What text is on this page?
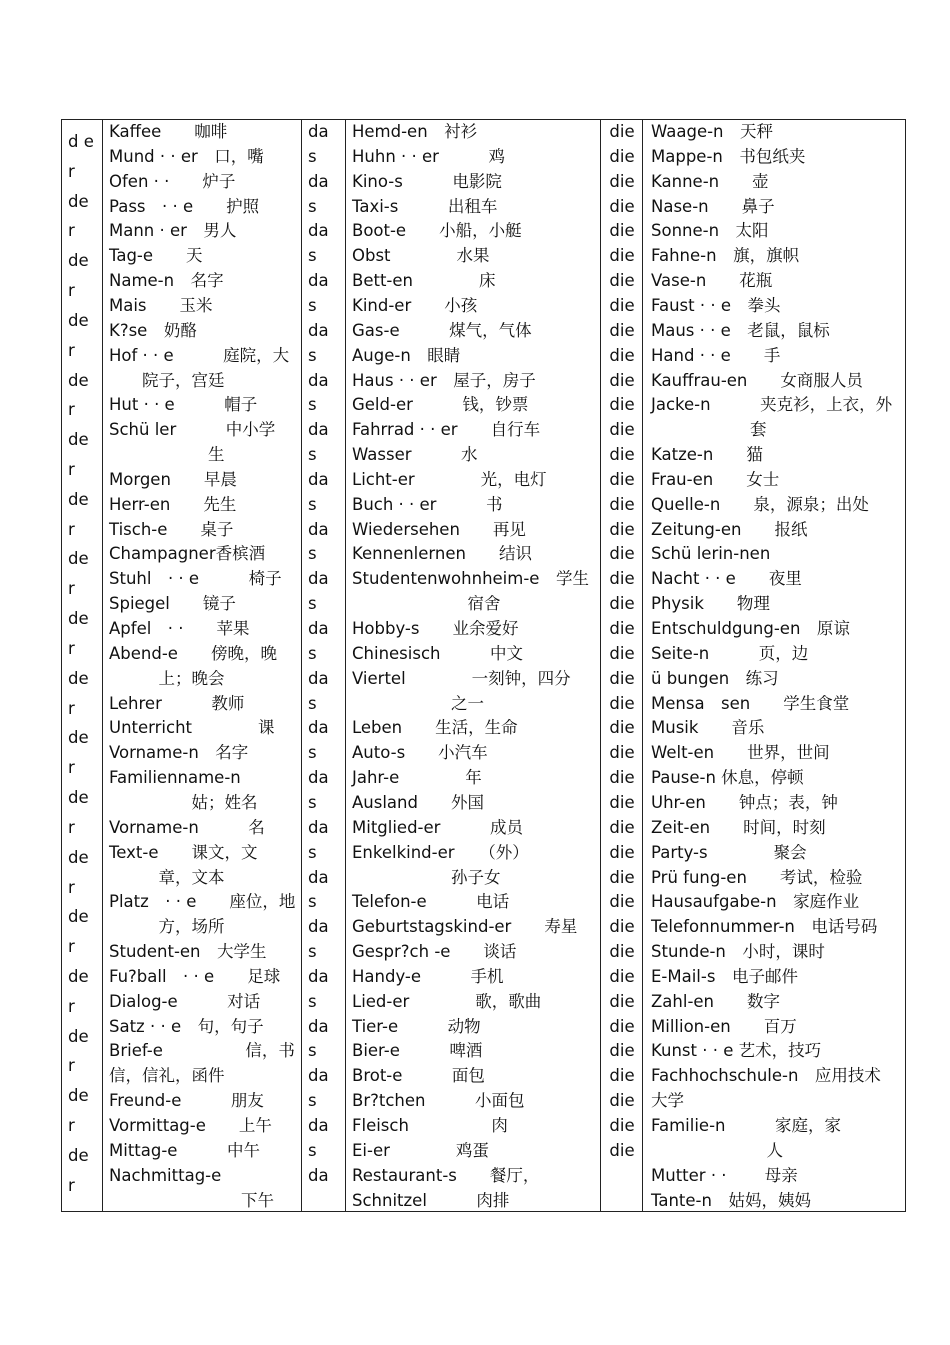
Kaffee　　咖啡
Mund · · er　口，嘴
Ofen · ·　　炉子
Pass　· · e　　护照
Mann · er　男人
Tag-e　　天
Name-n　名字
Mais　　玉米
K?se　奶酪
Hof · · e　　　庭院，大
　　院子，宫廷
Hut · · e　　　帽子
Schü ler　　　中小学
　　　　　　生
Morgen　　早晨
Herr-en　　先生
Tisch-e　　桌子
Champagner香槟酒
Stuhl　· · e　　　椅子
Spiegel　　镜子
Apfel　· ·　　苹果
Abend-e　　傍晚，晚
　　　上；晚会
Lehrer　　　教师
Unterricht　　　　课
Vorname-n　名字
Familienname-n
　　　　　姑；姓名
Vorname-n　　　名
Text-e　　课文，文
　　　章，文本
Platz　· · e　　座位，地
　　　方，场所
Student-en　大学生
Fu?ball　· · e　　足球
Dialog-e　　　对话
Satz · · e　句，句子
Brief-e　　　　　信，书
信，信礼，函件
Freund-e　　　朋友
Vormittag-e　　上午
Mittag-e　　　中午
Nachmittag-e
　　　　　　　　下午
d e
r
de
r
de
r
de
r
de
r
de
r
de
r
de
r
de
r
de
r
de
r
de
r
de
r
de
r
de
r
de
r
de
r
de
r
Hemd-en　衬衫
Huhn · · er　　　鸡
Kino-s　　　电影院
Taxi-s　　　出租车
Boot-e　　小船，小艇
Obst　　　　水果
Bett-en　　　　床
Kind-er　　小孩
Gas-e　　　煤气，气体
Auge-n　眼睛
Haus · · er　屋子，房子
Geld-er　　　钱，钞票
Fahrrad · · er　　自行车
Wasser　　　水
Licht-er　　　　光，电灯
Buch · · er　　　书
Wiedersehen　　再见
Kennenlernen　　结识
Studentenwohnheim-e　学生
　　　　　　　宿舍
Hobby-s　　业余爱好
Chinesisch　　　中文
Viertel　　　　一刻钟，四分
　　　　　　之一
Leben　　生活，生命
Auto-s　　小汽车
Jahr-e　　　　年
Ausland　　外国
Mitglied-er　　　成员
Enkelkind-er　　（外）
　　　　　　孙子女
Telefon-e　　　电话
Geburtstagskind-er　　寿星
Gespr?ch -e　　谈话
Handy-e　　　手机
Lied-er　　　　歌，歌曲
Tier-e　　　动物
Bier-e　　　啤酒
Brot-e　　　面包
Br?tchen　　　小面包
Fleisch　　　　　肉
Ei-er　　　　鸡蛋
Restaurant-s　　餐厅，
Schnitzel　　　肉排
da
s
da
s
da
s
da
s
da
s
da
s
da
s
da
s
da
s
da
s
da
s
da
s
da
s
da
s
da
s
da
s
da
s
da
s
da
s
da
s
da
s
da
Waage-n　天秤
Mappe-n　书包纸夹
Kanne-n　　壶
Nase-n　　鼻子
Sonne-n　太阳
Fahne-n　旗，旗帜
Vase-n　　花瓶
Faust · · e　拳头
Maus · · e　老鼠，鼠标
Hand · · e　　手
Kauffrau-en　　女商服人员
Jacke-n　　　夹克衫，上衣，外
　　　　　　套
Katze-n　　猫
Frau-en　　女士
Quelle-n　　泉，源泉；出处
Zeitung-en　　报纸
Schü lerin-nen
Nacht · · e　　夜里
Physik　　物理
Entschuldgung-en　原谅
Seite-n　　　页，边
ü bungen　练习
Mensa　sen　　学生食堂
Musik　　音乐
Welt-en　　世界，世间
Pause-n 休息，停顿
Uhr-en　　钟点；表，钟
Zeit-en　　时间，时刻
Party-s　　　　聚会
Prü fung-en　　考试，检验
Hausaufgabe-n　家庭作业
Telefonnummer-n　电话号码
Stunde-n　小时，课时
E-Mail-s　电子邮件
Zahl-en　　数字
Million-en　　百万
Kunst · · e 艺术，技巧
Fachhochschule-n　应用技术
大学
Familie-n　　　家庭，家
　　　　　　　人
Mutter · · 　　母亲
Tante-n　姑妈，姨妈
die
die
die
die
die
die
die
die
die
die
die
die
die
die
die
die
die
die
die
die
die
die
die
die
die
die
die
die
die
die
die
die
die
die
die
die
die
die
die
die
die
die
